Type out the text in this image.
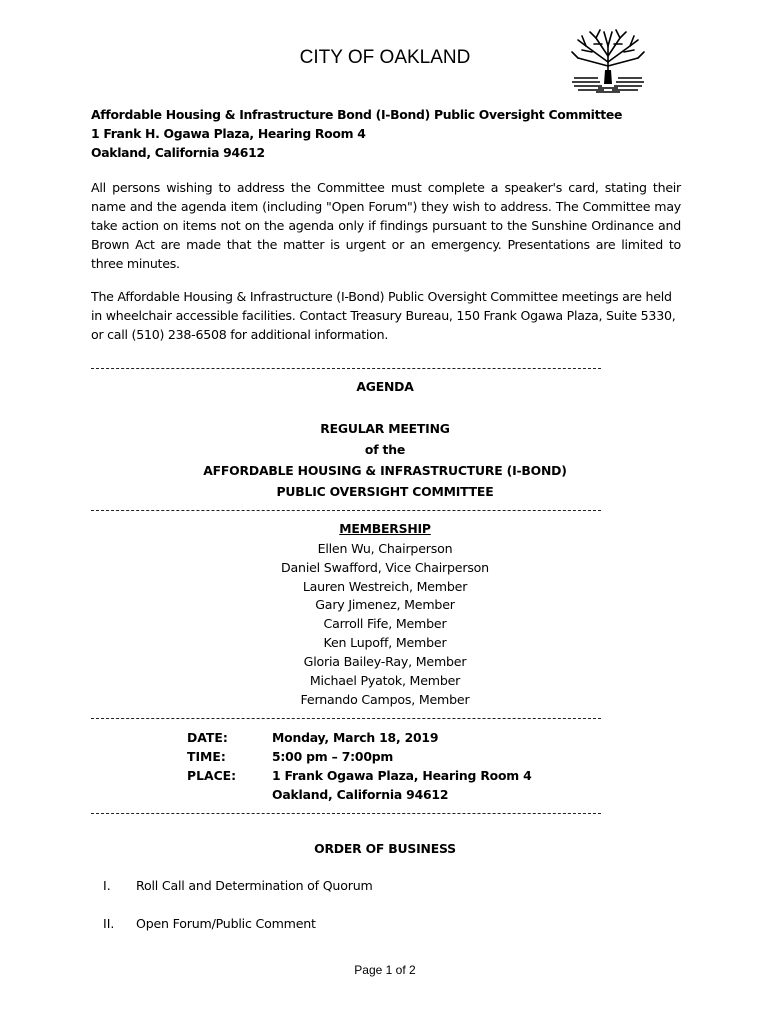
CITY OF OAKLAND
Affordable Housing & Infrastructure Bond (I-Bond) Public Oversight Committee
1 Frank H. Ogawa Plaza, Hearing Room 4
Oakland, California 94612
All persons wishing to address the Committee must complete a speaker's card, stating their name and the agenda item (including "Open Forum") they wish to address. The Committee may take action on items not on the agenda only if findings pursuant to the Sunshine Ordinance and Brown Act are made that the matter is urgent or an emergency. Presentations are limited to three minutes.
The Affordable Housing & Infrastructure (I-Bond) Public Oversight Committee meetings are held
in wheelchair accessible facilities. Contact Treasury Bureau, 150 Frank Ogawa Plaza, Suite 5330,
or call (510) 238-6508 for additional information.
AGENDA
REGULAR MEETING
of the
AFFORDABLE HOUSING & INFRASTRUCTURE (I-BOND)
PUBLIC OVERSIGHT COMMITTEE
MEMBERSHIP
Ellen Wu, Chairperson
Daniel Swafford, Vice Chairperson
Lauren Westreich, Member
Gary Jimenez, Member
Carroll Fife, Member
Ken Lupoff, Member
Gloria Bailey-Ray, Member
Michael Pyatok, Member
Fernando Campos, Member
DATE:	Monday, March 18, 2019
TIME:	5:00 pm – 7:00pm
PLACE:	1 Frank Ogawa Plaza, Hearing Room 4
Oakland, California 94612
ORDER OF BUSINESS
I. Roll Call and Determination of Quorum
II. Open Forum/Public Comment
Page 1 of 2
